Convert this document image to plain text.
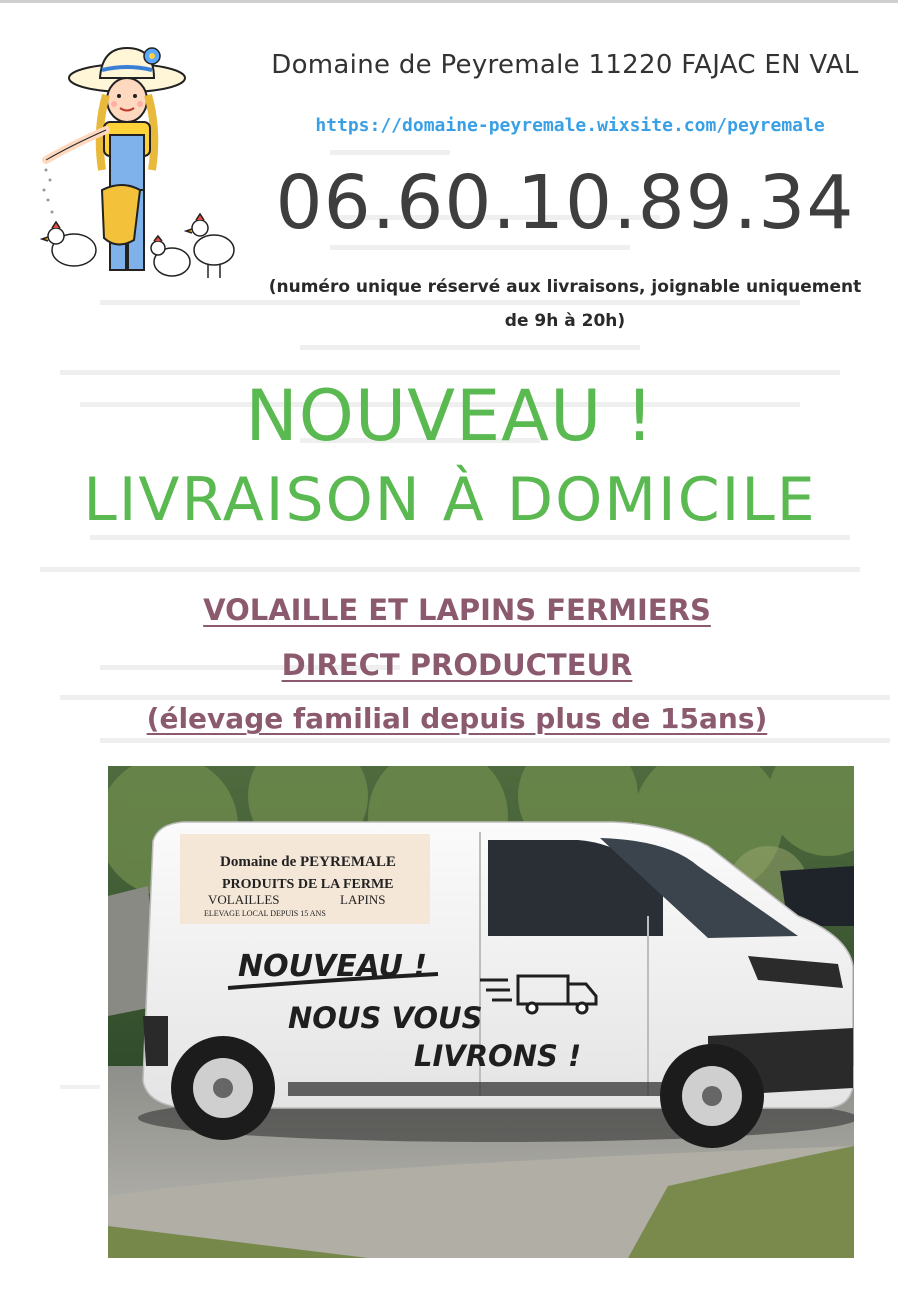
Domaine de Peyremale 11220 FAJAC EN VAL
https://domaine-peyremale.wixsite.com/peyremale
06.60.10.89.34
(numéro unique réservé aux livraisons, joignable uniquement
de 9h à 20h)
NOUVEAU !
LIVRAISON À DOMICILE
VOLAILLE ET LAPINS FERMIERS
DIRECT PRODUCTEUR
(élevage familial depuis plus de 15ans)
Domaine de PEYREMALE
PRODUITS DE LA FERME
VOLAILLES	LAPINS
ELEVAGE LOCAL DEPUIS 15 ANS
NOUVEAU !
NOUS VOUS
LIVRONS !
